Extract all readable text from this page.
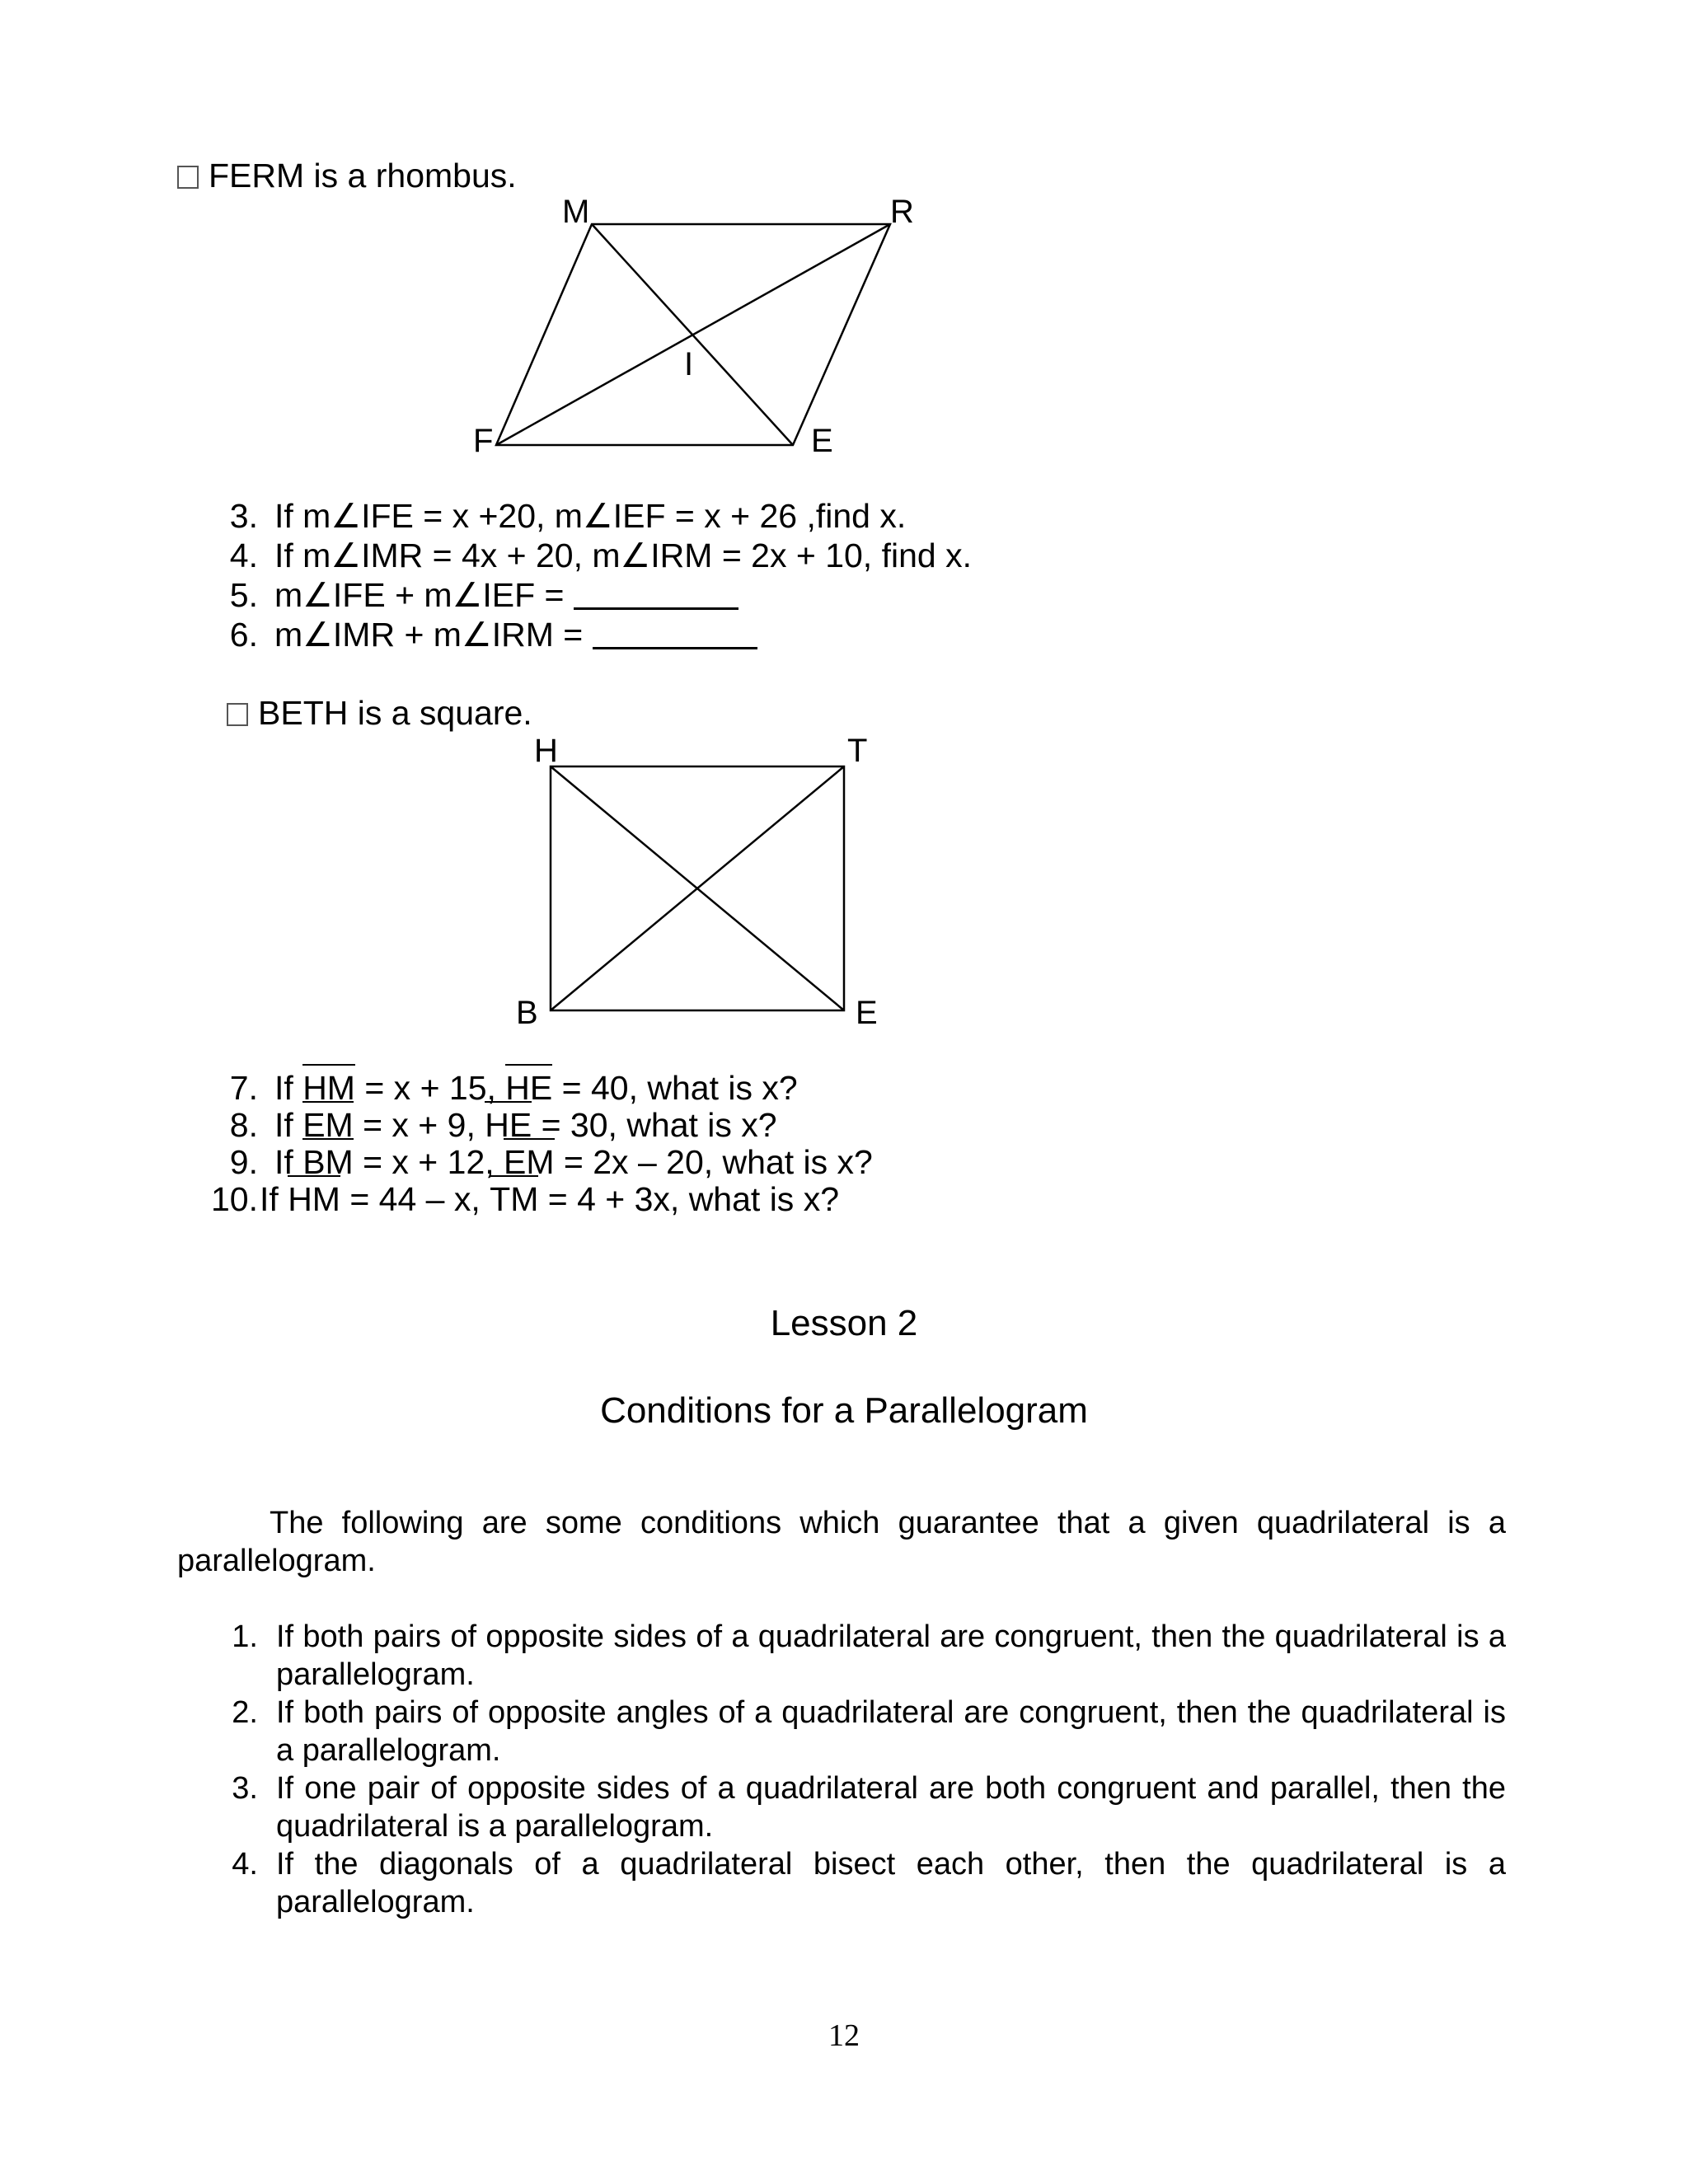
FERM is a rhombus.
M	R
F	E
I
3. If m∠IFE = x +20, m∠IEF = x + 26 ,find x.
4. If m∠IMR = 4x + 20, m∠IRM = 2x + 10, find x.
5. m∠IFE + m∠IEF =
6. m∠IMR + m∠IRM =
BETH is a square.
H	T
B	E
7. If HM = x + 15, HE = 40, what is x?
8. If EM = x + 9, HE = 30, what is x?
9. If BM = x + 12, EM = 2x – 20, what is x?
10.If HM = 44 – x, TM = 4 + 3x, what is x?
Lesson 2
Conditions for a Parallelogram
The following are some conditions which guarantee that a given quadrilateral is a parallelogram.
1. If both pairs of opposite sides of a quadrilateral are congruent, then the quadrilateral is a parallelogram.
2. If both pairs of opposite angles of a quadrilateral are congruent, then the quadrilateral is a parallelogram.
3. If one pair of opposite sides of a quadrilateral are both congruent and parallel, then the quadrilateral is a parallelogram.
4. If the diagonals of a quadrilateral bisect each other, then the quadrilateral is a parallelogram.
12
